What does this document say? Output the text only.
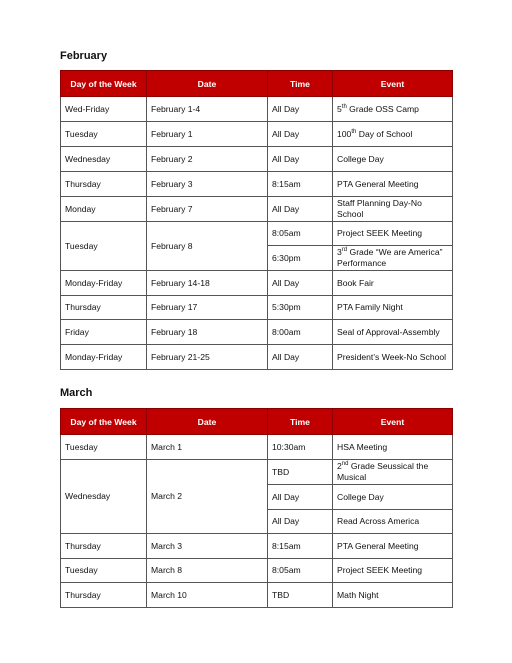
February
Day of the Week	Date	Time	Event
Wed-Friday	February 1-4	All Day	5th Grade OSS Camp
Tuesday	February 1	All Day	100th Day of School
Wednesday	February 2	All Day	College Day
Thursday	February 3	8:15am	PTA General Meeting
Monday	February 7	All Day	Staff Planning Day-No School
Tuesday	February 8	8:05am	Project SEEK Meeting
		6:30pm	3rd Grade “We are America” Performance
Monday-Friday	February 14-18	All Day	Book Fair
Thursday	February 17	5:30pm	PTA Family Night
Friday	February 18	8:00am	Seal of Approval-Assembly
Monday-Friday	February 21-25	All Day	President’s Week-No School
March
Day of the Week	Date	Time	Event
Tuesday	March 1	10:30am	HSA Meeting
Wednesday	March 2	TBD	2nd Grade Seussical the Musical
		All Day	College Day
		All Day	Read Across America
Thursday	March 3	8:15am	PTA General Meeting
Tuesday	March 8	8:05am	Project SEEK Meeting
Thursday	March 10	TBD	Math Night
